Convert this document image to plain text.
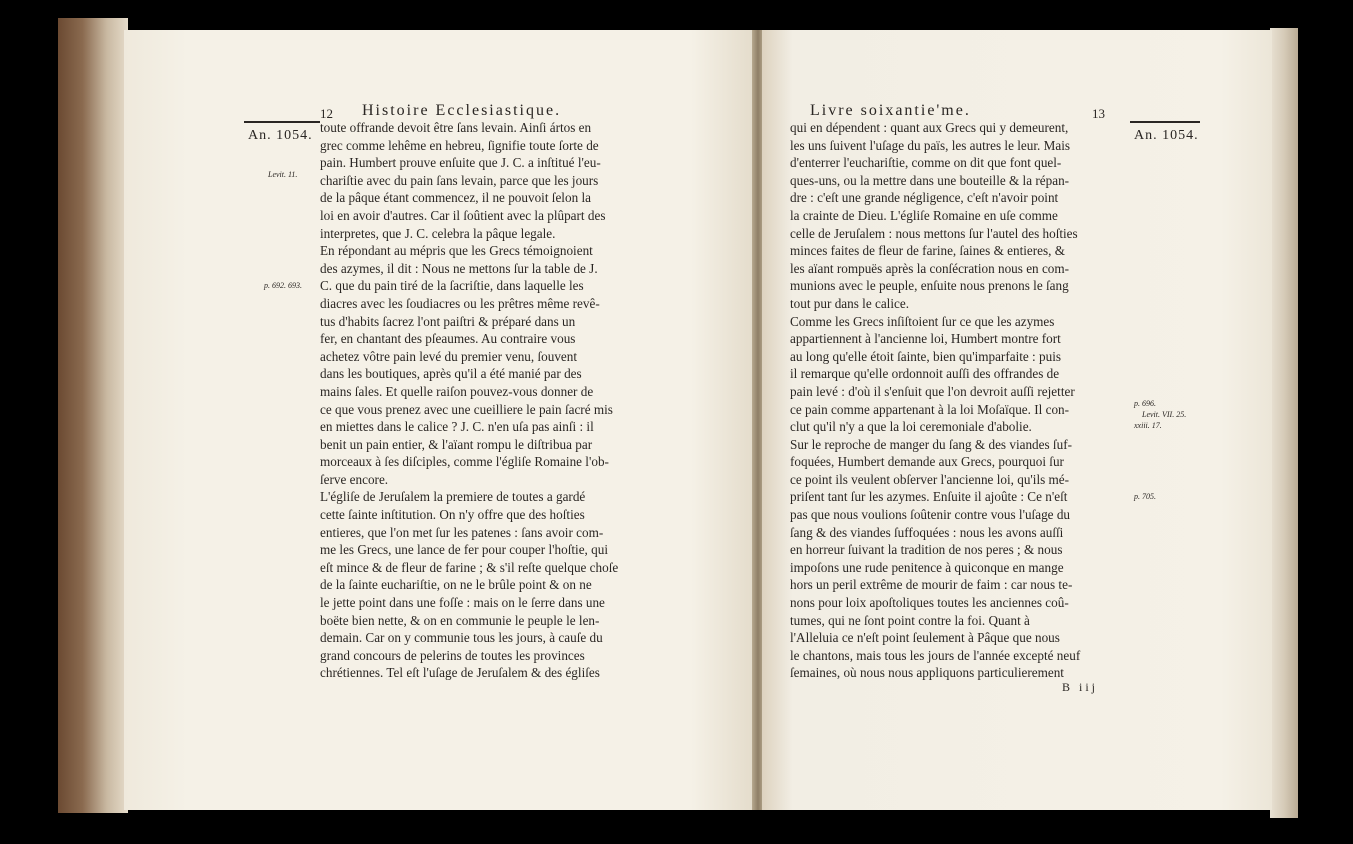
12 Histoire Ecclesiastique.
An. 1054.
Levit. 11.
p. 692. 693.
toute offrande devoit être ſans levain. Ainſi ártos en
grec comme lehême en hebreu, ſignifie toute ſorte de
pain. Humbert prouve enſuite que J. C. a inſtitué l'eu-
chariſtie avec du pain ſans levain, parce que les jours
de la pâque étant commencez, il ne pouvoit ſelon la
loi en avoir d'autres. Car il ſoûtient avec la plûpart des
interpretes, que J. C. celebra la pâque legale.
En répondant au mépris que les Grecs témoignoient
des azymes, il dit : Nous ne mettons ſur la table de J.
C. que du pain tiré de la ſacriſtie, dans laquelle les
diacres avec les ſoudiacres ou les prêtres même revê-
tus d'habits ſacrez l'ont paiſtri & préparé dans un
fer, en chantant des pſeaumes. Au contraire vous
achetez vôtre pain levé du premier venu, ſouvent
dans les boutiques, après qu'il a été manié par des
mains ſales. Et quelle raiſon pouvez-vous donner de
ce que vous prenez avec une cueilliere le pain ſacré mis
en miettes dans le calice ? J. C. n'en uſa pas ainſi : il
benit un pain entier, & l'aïant rompu le diſtribua par
morceaux à ſes diſciples, comme l'égliſe Romaine l'ob-
ſerve encore.
L'égliſe de Jeruſalem la premiere de toutes a gardé
cette ſainte inſtitution. On n'y offre que des hoſties
entieres, que l'on met ſur les patenes : ſans avoir com-
me les Grecs, une lance de fer pour couper l'hoſtie, qui
eſt mince & de fleur de farine ; & s'il reſte quelque choſe
de la ſainte euchariſtie, on ne le brûle point & on ne
le jette point dans une foſſe : mais on le ſerre dans une
boëte bien nette, & on en communie le peuple le len-
demain. Car on y communie tous les jours, à cauſe du
grand concours de pelerins de toutes les provinces
chrétiennes. Tel eſt l'uſage de Jeruſalem & des égliſes
Livre soixantie'me.	13
An. 1054.
p. 696.
Levit. VII. 25.
xxiii. 17.
p. 705.
qui en dépendent : quant aux Grecs qui y demeurent,
les uns ſuivent l'uſage du païs, les autres le leur. Mais
d'enterrer l'euchariſtie, comme on dit que font quel-
ques-uns, ou la mettre dans une bouteille & la répan-
dre : c'eſt une grande négligence, c'eſt n'avoir point
la crainte de Dieu. L'égliſe Romaine en uſe comme
celle de Jeruſalem : nous mettons ſur l'autel des hoſties
minces faites de fleur de farine, ſaines & entieres, &
les aïant rompuës après la conſécration nous en com-
munions avec le peuple, enſuite nous prenons le ſang
tout pur dans le calice.
Comme les Grecs inſiſtoient ſur ce que les azymes
appartiennent à l'ancienne loi, Humbert montre fort
au long qu'elle étoit ſainte, bien qu'imparfaite : puis
il remarque qu'elle ordonnoit auſſi des offrandes de
pain levé : d'où il s'enſuit que l'on devroit auſſi rejetter
ce pain comme appartenant à la loi Moſaïque. Il con-
clut qu'il n'y a que la loi ceremoniale d'abolie.
Sur le reproche de manger du ſang & des viandes ſuf-
foquées, Humbert demande aux Grecs, pourquoi ſur
ce point ils veulent obſerver l'ancienne loi, qu'ils mé-
priſent tant ſur les azymes. Enſuite il ajoûte : Ce n'eſt
pas que nous voulions ſoûtenir contre vous l'uſage du
ſang & des viandes ſuffoquées : nous les avons auſſi
en horreur ſuivant la tradition de nos peres ; & nous
impoſons une rude penitence à quiconque en mange
hors un peril extrême de mourir de faim : car nous te-
nons pour loix apoſtoliques toutes les anciennes coû-
tumes, qui ne ſont point contre la foi. Quant à
l'Alleluia ce n'eſt point ſeulement à Pâque que nous
le chantons, mais tous les jours de l'année excepté neuf
ſemaines, où nous nous appliquons particulierement
B iij
